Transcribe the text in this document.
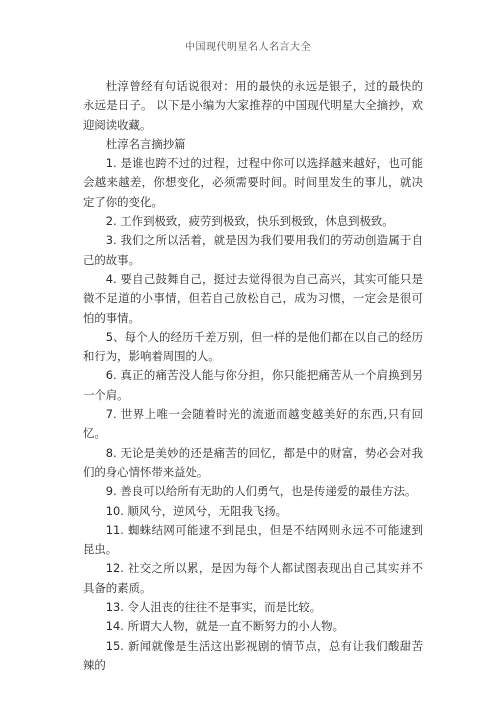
中国现代明星名人名言大全

杜淳曾经有句话说很对：用的最快的永远是银子，过的最快的永远是日子。 以下是小编为大家推荐的中国现代明星大全摘抄，欢迎阅读收藏。

杜淳名言摘抄篇

1. 是谁也跨不过的过程，过程中你可以选择越来越好，也可能会越来越差，你想变化，必须需要时间。时间里发生的事儿，就决定了你的变化。

2. 工作到极致，疲劳到极致，快乐到极致，休息到极致。

3. 我们之所以活着，就是因为我们要用我们的劳动创造属于自己的故事。

4. 要自己鼓舞自己，挺过去觉得很为自己高兴，其实可能只是微不足道的小事情，但若自己放松自己，成为习惯，一定会是很可怕的事情。

5、每个人的经历千差万别，但一样的是他们都在以自己的经历和行为，影响着周围的人。

6. 真正的痛苦没人能与你分担，你只能把痛苦从一个肩换到另一个肩。

7. 世界上唯一会随着时光的流逝而越变越美好的东西,只有回忆。

8. 无论是美妙的还是痛苦的回忆，都是中的财富，势必会对我们的身心情怀带来益处。

9. 善良可以给所有无助的人们勇气，也是传递爱的最佳方法。

10. 顺风兮，逆风兮，无阻我飞扬。

11. 蜘蛛结网可能逮不到昆虫，但是不结网则永远不可能逮到昆虫。

12. 社交之所以累，是因为每个人都试图表现出自己其实并不具备的素质。

13. 令人沮丧的往往不是事实，而是比较。

14. 所谓大人物，就是一直不断努力的小人物。

15. 新闻就像是生活这出影视剧的情节点，总有让我们酸甜苦辣的
